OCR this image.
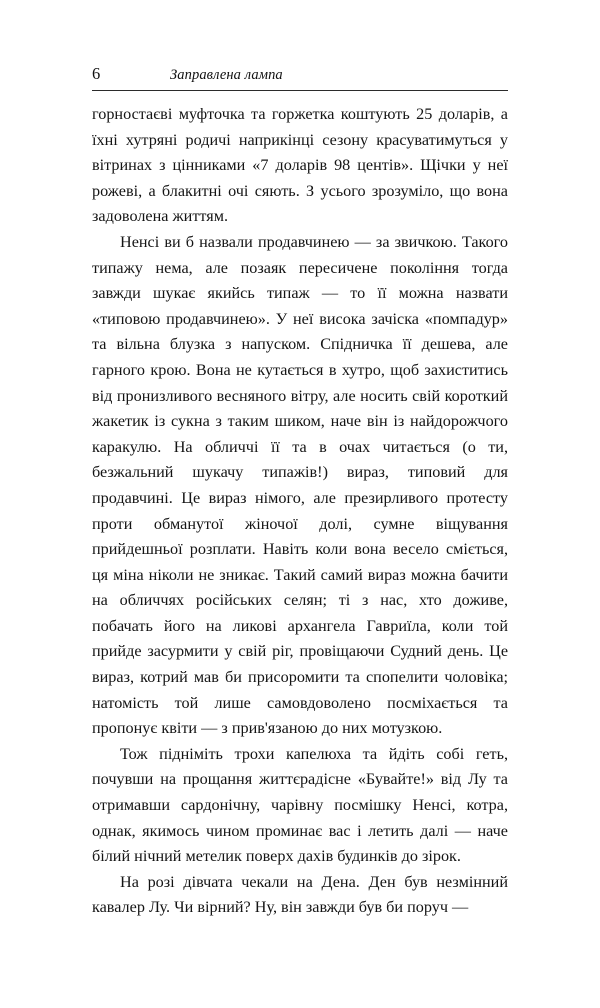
6	Заправлена лампа

горностаєві муфточка та горжетка коштують 25 доларів, а їхні хутряні родичі наприкінці сезону красуватимуться у вітринах з цінниками «7 доларів 98 центів». Щічки у неї рожеві, а блакитні очі сяють. З усього зрозуміло, що вона задоволена життям.

Ненсі ви б назвали продавчинею — за звичкою. Такого типажу нема, але позаяк пересичене покоління тогда завжди шукає якийсь типаж — то її можна назвати «типовою продавчинею». У неї висока зачіска «помпадур» та вільна блузка з напуском. Спідничка її дешева, але гарного крою. Вона не кутається в хутро, щоб захиститись від пронизливого весняного вітру, але носить свій короткий жакетик із сукна з таким шиком, наче він із найдорожчого каракулю. На обличчі її та в очах читається (о ти, безжальний шукачу типажів!) вираз, типовий для продавчині. Це вираз німого, але презирливого протесту проти обманутої жіночої долі, сумне віщування прийдешньої розплати. Навіть коли вона весело сміється, ця міна ніколи не зникає. Такий самий вираз можна бачити на обличчях російських селян; ті з нас, хто доживе, побачать його на ликові архангела Гавриїла, коли той прийде засурмити у свій ріг, провіщаючи Судний день. Це вираз, котрий мав би присоромити та спопелити чоловіка; натомість той лише самовдоволено посміхається та пропонує квіти — з прив'язаною до них мотузкою.

Тож підніміть трохи капелюха та йдіть собі геть, почувши на прощання життєрадісне «Бувайте!» від Лу та отримавши сардонічну, чарівну посмішку Ненсі, котра, однак, якимось чином проминає вас і летить далі — наче білий нічний метелик поверх дахів будинків до зірок.

На розі дівчата чекали на Дена. Ден був незмінний кавалер Лу. Чи вірний? Ну, він завжди був би поруч —
